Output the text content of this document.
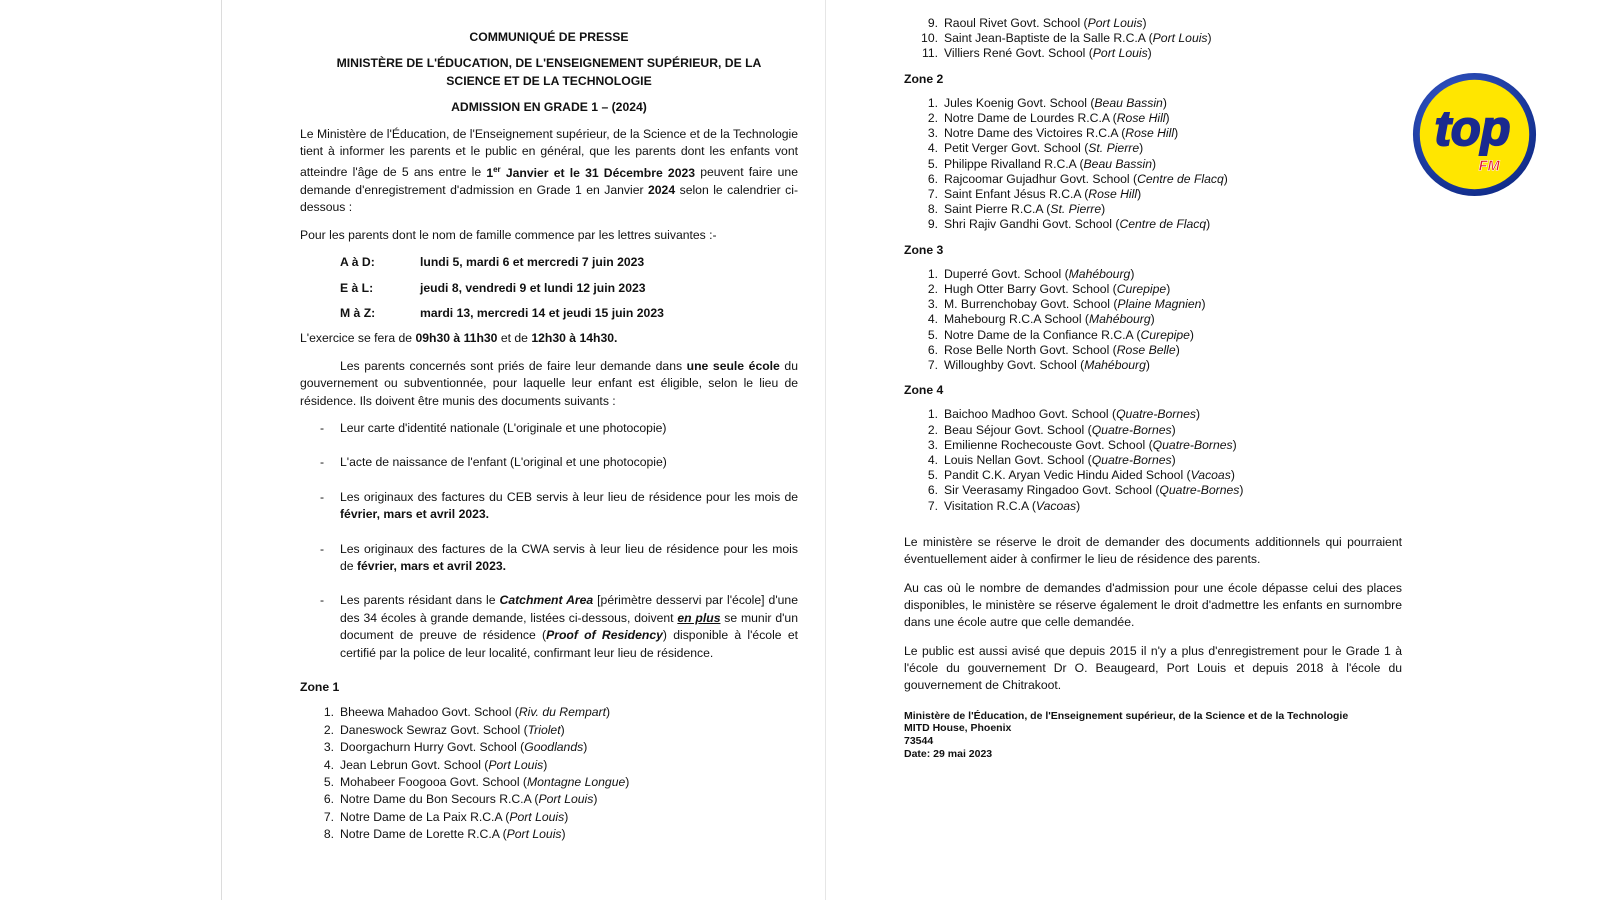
COMMUNIQUÉ DE PRESSE
MINISTÈRE DE L'ÉDUCATION, DE L'ENSEIGNEMENT SUPÉRIEUR, DE LA
SCIENCE ET DE LA TECHNOLOGIE
ADMISSION EN GRADE 1 – (2024)

Le Ministère de l'Éducation, de l'Enseignement supérieur, de la Science et de la Technologie tient à informer les parents et le public en général, que les parents dont les enfants vont atteindre l'âge de 5 ans entre le 1er Janvier et le 31 Décembre 2023 peuvent faire une demande d'enregistrement d'admission en Grade 1 en Janvier 2024 selon le calendrier ci-dessous :

Pour les parents dont le nom de famille commence par les lettres suivantes :-

A à D:	lundi 5, mardi 6 et mercredi 7 juin 2023
E à L:	jeudi 8, vendredi 9 et lundi 12 juin 2023
M à Z:	mardi 13, mercredi 14 et jeudi 15 juin 2023

L'exercice se fera de 09h30 à 11h30 et de 12h30 à 14h30.

Les parents concernés sont priés de faire leur demande dans une seule école du gouvernement ou subventionnée, pour laquelle leur enfant est éligible, selon le lieu de résidence. Ils doivent être munis des documents suivants :

-	Leur carte d'identité nationale (L'originale et une photocopie)
-	L'acte de naissance de l'enfant (L'original et une photocopie)
-	Les originaux des factures du CEB servis à leur lieu de résidence pour les mois de février, mars et avril 2023.
-	Les originaux des factures de la CWA servis à leur lieu de résidence pour les mois de février, mars et avril 2023.
-	Les parents résidant dans le Catchment Area [périmètre desservi par l'école] d'une des 34 écoles à grande demande, listées ci-dessous, doivent en plus se munir d'un document de preuve de résidence (Proof of Residency) disponible à l'école et certifié par la police de leur localité, confirmant leur lieu de résidence.
Zone 1
1. Bheewa Mahadoo Govt. School (Riv. du Rempart)
2. Daneswock Sewraz Govt. School (Triolet)
3. Doorgachurn Hurry Govt. School (Goodlands)
4. Jean Lebrun Govt. School (Port Louis)
5. Mohabeer Foogooa Govt. School (Montagne Longue)
6. Notre Dame du Bon Secours R.C.A (Port Louis)
7. Notre Dame de La Paix R.C.A (Port Louis)
8. Notre Dame de Lorette R.C.A (Port Louis)
9. Raoul Rivet Govt. School (Port Louis)
10. Saint Jean-Baptiste de la Salle R.C.A (Port Louis)
11. Villiers René Govt. School (Port Louis)
Zone 2
1. Jules Koenig Govt. School (Beau Bassin)
2. Notre Dame de Lourdes R.C.A (Rose Hill)
3. Notre Dame des Victoires R.C.A (Rose Hill)
4. Petit Verger Govt. School (St. Pierre)
5. Philippe Rivalland R.C.A (Beau Bassin)
6. Rajcoomar Gujadhur Govt. School (Centre de Flacq)
7. Saint Enfant Jésus R.C.A (Rose Hill)
8. Saint Pierre R.C.A (St. Pierre)
9. Shri Rajiv Gandhi Govt. School (Centre de Flacq)
Zone 3
1. Duperré Govt. School (Mahébourg)
2. Hugh Otter Barry Govt. School (Curepipe)
3. M. Burrenchobay Govt. School (Plaine Magnien)
4. Mahebourg R.C.A School (Mahébourg)
5. Notre Dame de la Confiance R.C.A (Curepipe)
6. Rose Belle North Govt. School (Rose Belle)
7. Willoughby Govt. School (Mahébourg)
Zone 4
1. Baichoo Madhoo Govt. School (Quatre-Bornes)
2. Beau Séjour Govt. School (Quatre-Bornes)
3. Emilienne Rochecouste Govt. School (Quatre-Bornes)
4. Louis Nellan Govt. School (Quatre-Bornes)
5. Pandit C.K. Aryan Vedic Hindu Aided School (Vacoas)
6. Sir Veerasamy Ringadoo Govt. School (Quatre-Bornes)
7. Visitation R.C.A (Vacoas)

Le ministère se réserve le droit de demander des documents additionnels qui pourraient éventuellement aider à confirmer le lieu de résidence des parents.

Au cas où le nombre de demandes d'admission pour une école dépasse celui des places disponibles, le ministère se réserve également le droit d'admettre les enfants en surnombre dans une école autre que celle demandée.

Le public est aussi avisé que depuis 2015 il n'y a plus d'enregistrement pour le Grade 1 à l'école du gouvernement Dr O. Beaugeard, Port Louis et depuis 2018 à l'école du gouvernement de Chitrakoot.

Ministère de l'Éducation, de l'Enseignement supérieur, de la Science et de la Technologie
MITD House, Phoenix
73544
Date: 29 mai 2023
top
FM
